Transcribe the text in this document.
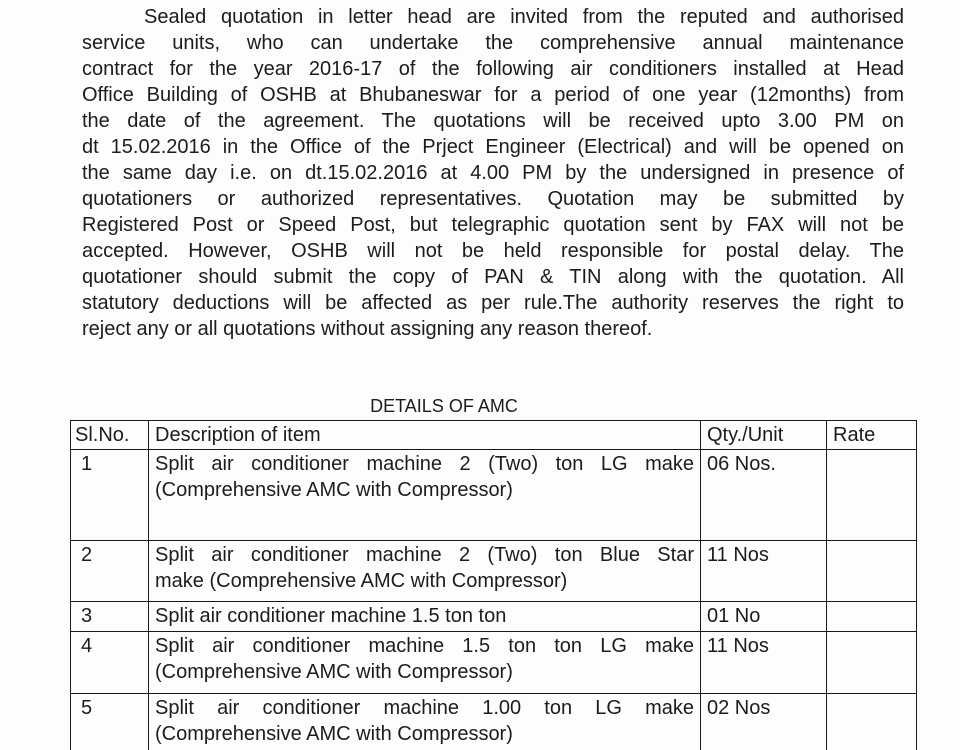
Sealed quotation in letter head are invited from the reputed and authorised
service units, who can undertake the comprehensive annual maintenance
contract for the year 2016-17 of the following air conditioners installed at Head
Office Building of OSHB at Bhubaneswar for a period of one year (12months) from
the date of the agreement. The quotations will be received upto 3.00 PM on
dt 15.02.2016 in the Office of the Prject Engineer (Electrical) and will be opened on
the same day i.e. on dt.15.02.2016 at 4.00 PM by the undersigned in presence of
quotationers or authorized representatives. Quotation may be submitted by
Registered Post or Speed Post, but telegraphic quotation sent by FAX will not be
accepted. However, OSHB will not be held responsible for postal delay. The
quotationer should submit the copy of PAN & TIN along with the quotation. All
statutory deductions will be affected as per rule.The authority reserves the right to
reject any or all quotations without assigning any reason thereof.

DETAILS OF AMC
Sl.No.	Description of item	Qty./Unit	Rate
1	Split air conditioner machine 2 (Two) ton LG make
(Comprehensive AMC with Compressor)	06 Nos.	
2	Split air conditioner machine 2 (Two) ton Blue Star
make (Comprehensive AMC with Compressor)	11 Nos	
3	Split air conditioner machine 1.5 ton ton	01 No	
4	Split air conditioner machine 1.5 ton ton LG make
(Comprehensive AMC with Compressor)	11 Nos	
5	Split air conditioner machine 1.00 ton LG make
(Comprehensive AMC with Compressor)	02 Nos	
